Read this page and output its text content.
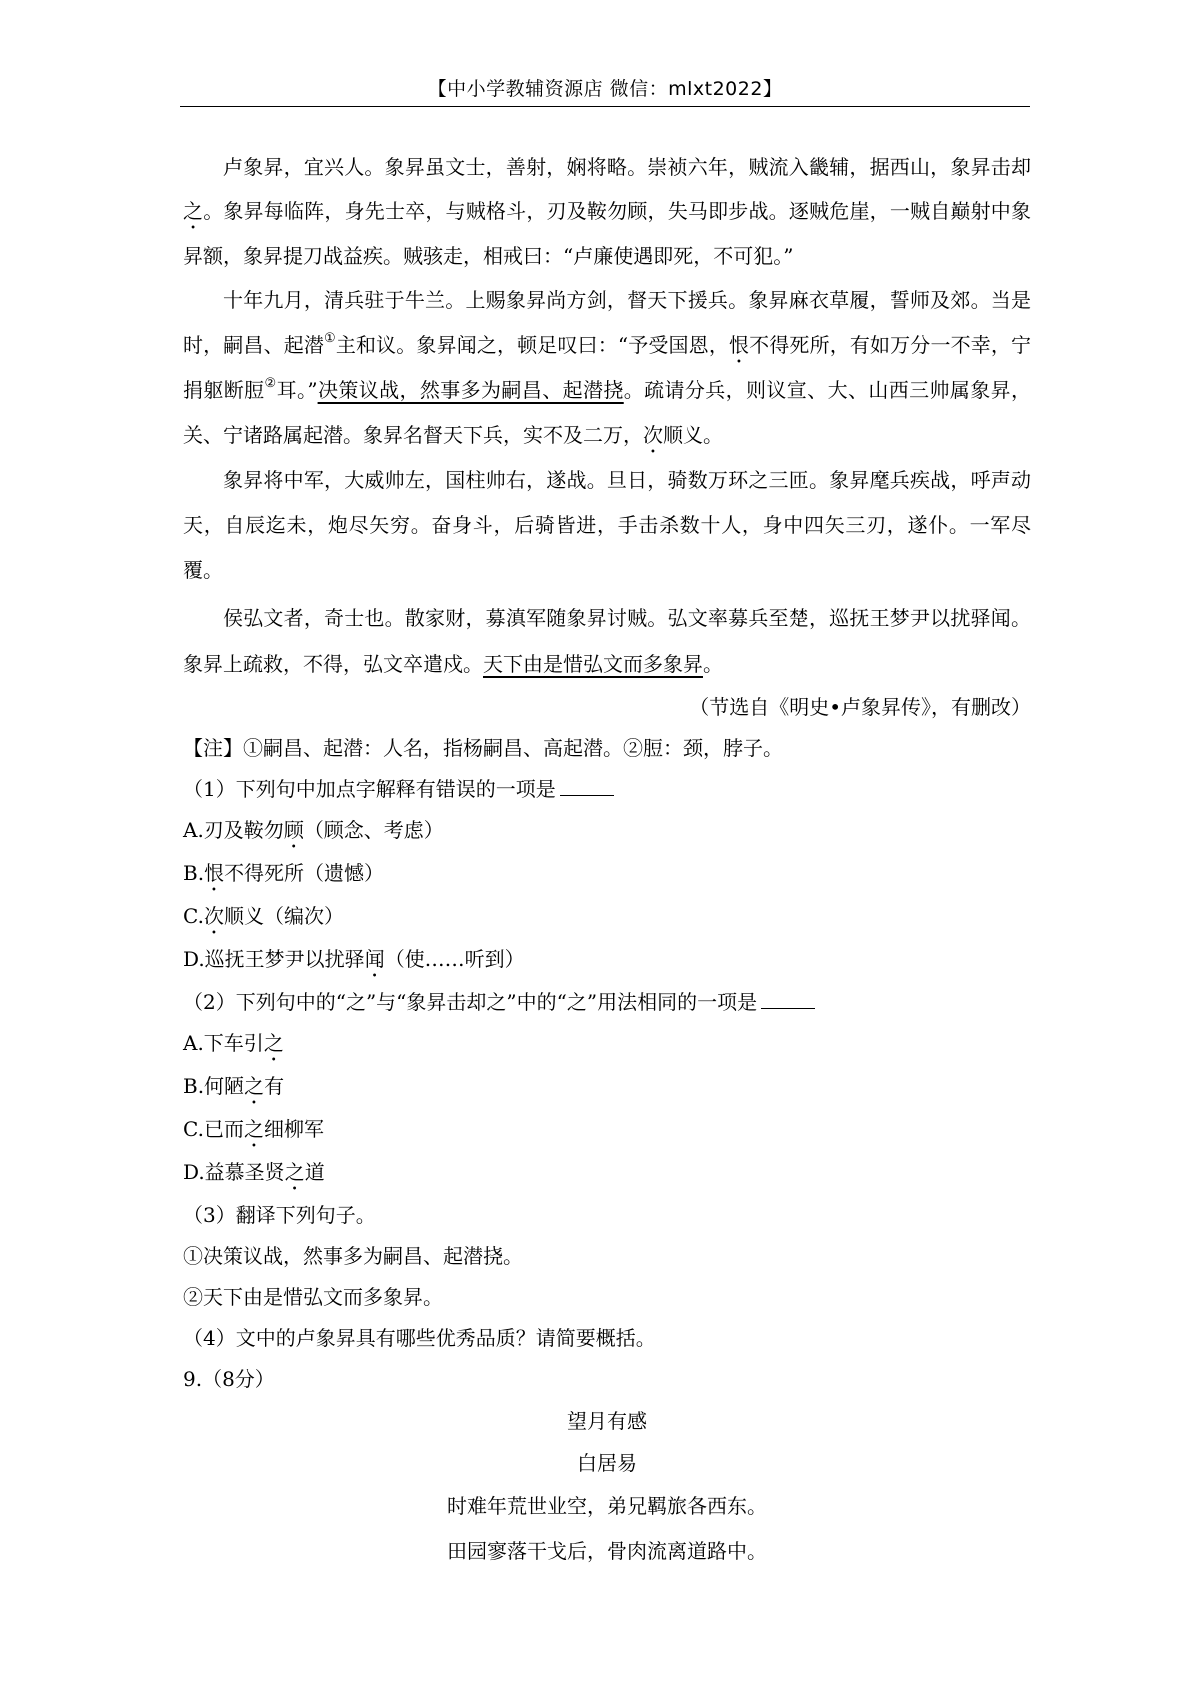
【中小学教辅资源店 微信：mlxt2022】

卢象昇，宜兴人。象昇虽文士，善射，娴将略。崇祯六年，贼流入畿辅，据西山，象昇击却之。象昇每临阵，身先士卒，与贼格斗，刃及鞍勿顾，失马即步战。逐贼危崖，一贼自巅射中象昇额，象昇提刀战益疾。贼骇走，相戒曰：“卢廉使遇即死，不可犯。”

十年九月，清兵驻于牛兰。上赐象昇尚方剑，督天下援兵。象昇麻衣草履，誓师及郊。当是时，嗣昌、起潜①主和议。象昇闻之，顿足叹曰：“予受国恩，恨不得死所，有如万分一不幸，宁捐躯断脰②耳。”决策议战，然事多为嗣昌、起潜挠。疏请分兵，则议宣、大、山西三帅属象昇，关、宁诸路属起潜。象昇名督天下兵，实不及二万，次顺义。

象昇将中军，大威帅左，国柱帅右，遂战。旦日，骑数万环之三匝。象昇麾兵疾战，呼声动天，自辰迄未，炮尽矢穷。奋身斗，后骑皆进，手击杀数十人，身中四矢三刃，遂仆。一军尽覆。

侯弘文者，奇士也。散家财，募滇军随象昇讨贼。弘文率募兵至楚，巡抚王梦尹以扰驿闻。象昇上疏救，不得，弘文卒遣戍。天下由是惜弘文而多象昇。

（节选自《明史•卢象昇传》，有删改）

【注】①嗣昌、起潜：人名，指杨嗣昌、高起潜。②脰：颈，脖子。

（1）下列句中加点字解释有错误的一项是

A.刃及鞍勿顾（顾念、考虑）

B.恨不得死所（遗憾）

C.次顺义（编次）

D.巡抚王梦尹以扰驿闻（使……听到）

（2）下列句中的“之”与“象昇击却之”中的“之”用法相同的一项是

A.下车引之

B.何陋之有

C.已而之细柳军

D.益慕圣贤之道

（3）翻译下列句子。

①决策议战，然事多为嗣昌、起潜挠。

②天下由是惜弘文而多象昇。

（4）文中的卢象昇具有哪些优秀品质？请简要概括。

9.（8分）

望月有感

白居易

时难年荒世业空，弟兄羁旅各西东。

田园寥落干戈后，骨肉流离道路中。
